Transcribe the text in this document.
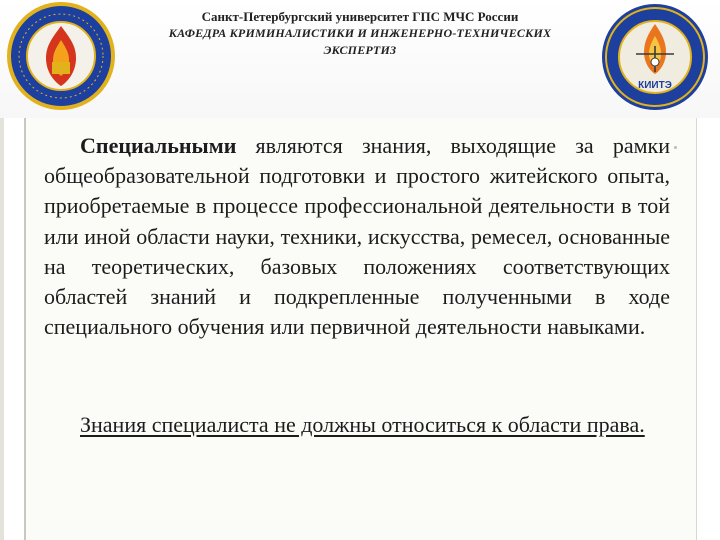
Санкт-Петербургский университет ГПС МЧС России
КАФЕДРА КРИМИНАЛИСТИКИ И ИНЖЕНЕРНО-ТЕХНИЧЕСКИХ
ЭКСПЕРТИЗ
КИИТЭ
Специальными являются знания, выходящие за рамки общеобразовательной подготовки и простого житейского опыта, приобретаемые в процессе профессиональной деятельности в той или иной области науки, техники, искусства, ремесел, основанные на теоретических, базовых положениях соответствующих областей знаний и подкрепленные полученными в ходе специального обучения или первичной деятельности навыками.
Знания специалиста не должны относиться к области права.
